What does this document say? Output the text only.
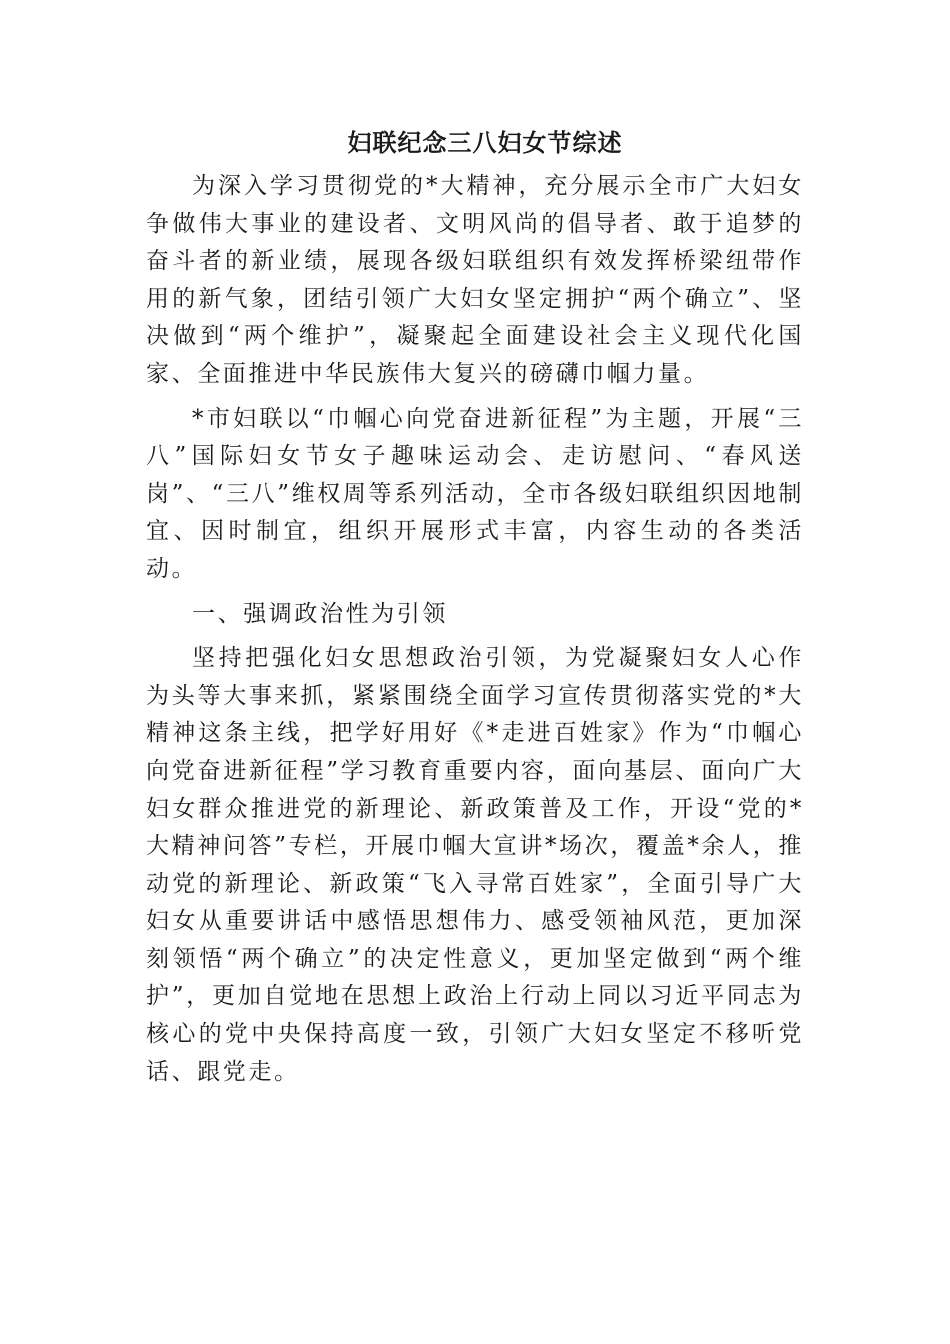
妇联纪念三八妇女节综述

为深入学习贯彻党的*大精神，充分展示全市广大妇女争做伟大事业的建设者、文明风尚的倡导者、敢于追梦的奋斗者的新业绩，展现各级妇联组织有效发挥桥梁纽带作用的新气象，团结引领广大妇女坚定拥护“两个确立”、坚决做到“两个维护”，凝聚起全面建设社会主义现代化国家、全面推进中华民族伟大复兴的磅礴巾帼力量。

*市妇联以“巾帼心向党奋进新征程”为主题，开展“三八”国际妇女节女子趣味运动会、走访慰问、“春风送岗”、“三八”维权周等系列活动，全市各级妇联组织因地制宜、因时制宜，组织开展形式丰富，内容生动的各类活动。

一、强调政治性为引领

坚持把强化妇女思想政治引领，为党凝聚妇女人心作为头等大事来抓，紧紧围绕全面学习宣传贯彻落实党的*大精神这条主线，把学好用好《*走进百姓家》作为“巾帼心向党奋进新征程”学习教育重要内容，面向基层、面向广大妇女群众推进党的新理论、新政策普及工作，开设“党的*大精神问答”专栏，开展巾帼大宣讲*场次，覆盖*余人，推动党的新理论、新政策“飞入寻常百姓家”，全面引导广大妇女从重要讲话中感悟思想伟力、感受领袖风范，更加深刻领悟“两个确立”的决定性意义，更加坚定做到“两个维护”，更加自觉地在思想上政治上行动上同以习近平同志为核心的党中央保持高度一致，引领广大妇女坚定不移听党话、跟党走。
